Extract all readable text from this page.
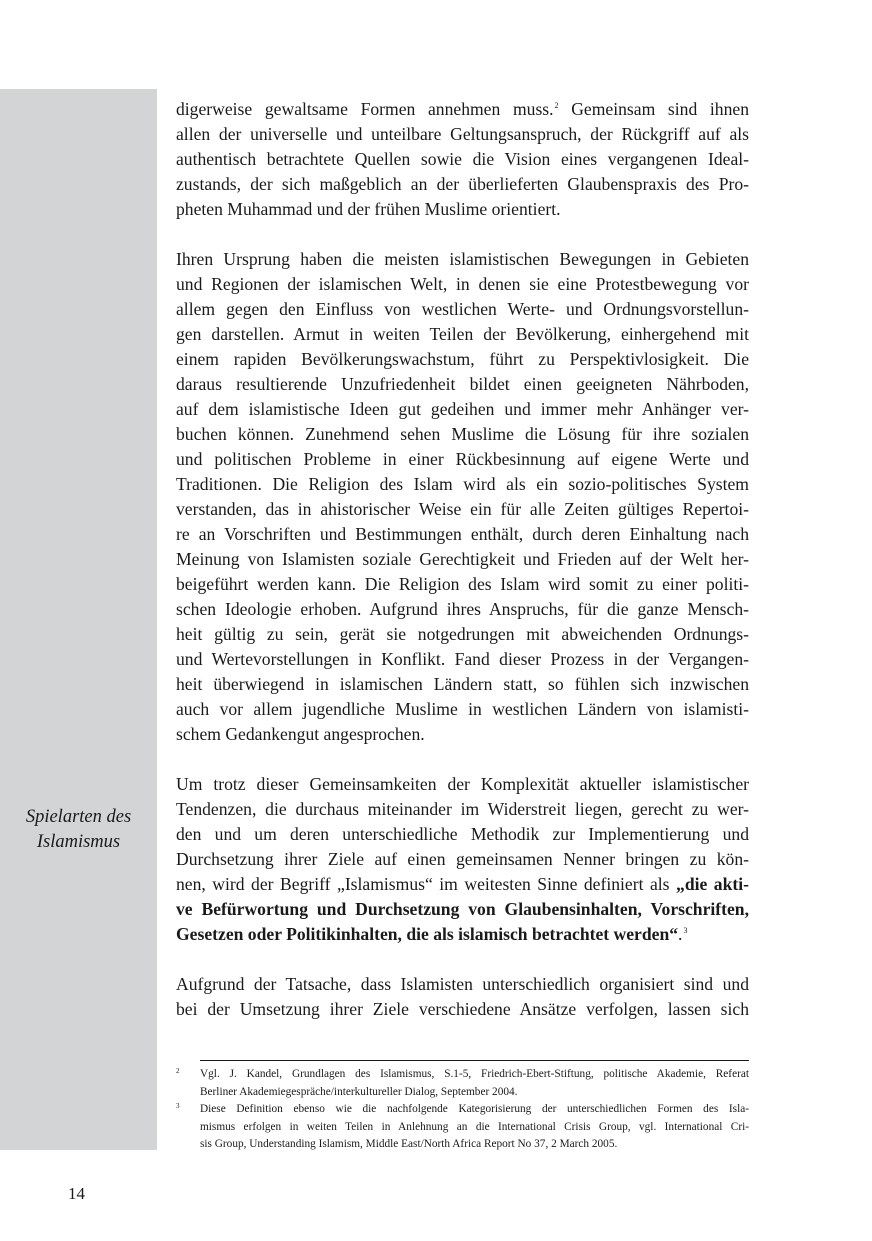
Spielarten des
Islamismus
digerweise gewaltsame Formen annehmen muss.$^2$ Gemeinsam sind ihnen
allen der universelle und unteilbare Geltungsanspruch, der Rückgriff auf als
authentisch betrachtete Quellen sowie die Vision eines vergangenen Ideal-
zustands, der sich maßgeblich an der überlieferten Glaubenspraxis des Pro-
pheten Muhammad und der frühen Muslime orientiert.
Ihren Ursprung haben die meisten islamistischen Bewegungen in Gebieten
und Regionen der islamischen Welt, in denen sie eine Protestbewegung vor
allem gegen den Einfluss von westlichen Werte- und Ordnungsvorstellun-
gen darstellen. Armut in weiten Teilen der Bevölkerung, einhergehend mit
einem rapiden Bevölkerungswachstum, führt zu Perspektivlosigkeit. Die
daraus resultierende Unzufriedenheit bildet einen geeigneten Nährboden,
auf dem islamistische Ideen gut gedeihen und immer mehr Anhänger ver-
buchen können. Zunehmend sehen Muslime die Lösung für ihre sozialen
und politischen Probleme in einer Rückbesinnung auf eigene Werte und
Traditionen. Die Religion des Islam wird als ein sozio-politisches System
verstanden, das in ahistorischer Weise ein für alle Zeiten gültiges Repertoi-
re an Vorschriften und Bestimmungen enthält, durch deren Einhaltung nach
Meinung von Islamisten soziale Gerechtigkeit und Frieden auf der Welt her-
beigeführt werden kann. Die Religion des Islam wird somit zu einer politi-
schen Ideologie erhoben. Aufgrund ihres Anspruchs, für die ganze Mensch-
heit gültig zu sein, gerät sie notgedrungen mit abweichenden Ordnungs-
und Wertevorstellungen in Konflikt. Fand dieser Prozess in der Vergangen-
heit überwiegend in islamischen Ländern statt, so fühlen sich inzwischen
auch vor allem jugendliche Muslime in westlichen Ländern von islamisti-
schem Gedankengut angesprochen.
Um trotz dieser Gemeinsamkeiten der Komplexität aktueller islamistischer
Tendenzen, die durchaus miteinander im Widerstreit liegen, gerecht zu wer-
den und um deren unterschiedliche Methodik zur Implementierung und
Durchsetzung ihrer Ziele auf einen gemeinsamen Nenner bringen zu kön-
nen, wird der Begriff „Islamismus“ im weitesten Sinne definiert als „die akti-
ve Befürwortung und Durchsetzung von Glaubensinhalten, Vorschriften,
Gesetzen oder Politikinhalten, die als islamisch betrachtet werden“.$^3$
Aufgrund der Tatsache, dass Islamisten unterschiedlich organisiert sind und
bei der Umsetzung ihrer Ziele verschiedene Ansätze verfolgen, lassen sich
2 Vgl. J. Kandel, Grundlagen des Islamismus, S.1-5, Friedrich-Ebert-Stiftung, politische Akademie, Referat
Berliner Akademiegespräche/interkultureller Dialog, September 2004.
3 Diese Definition ebenso wie die nachfolgende Kategorisierung der unterschiedlichen Formen des Isla-
mismus erfolgen in weiten Teilen in Anlehnung an die International Crisis Group, vgl. International Cri-
sis Group, Understanding Islamism, Middle East/North Africa Report No 37, 2 March 2005.
14
